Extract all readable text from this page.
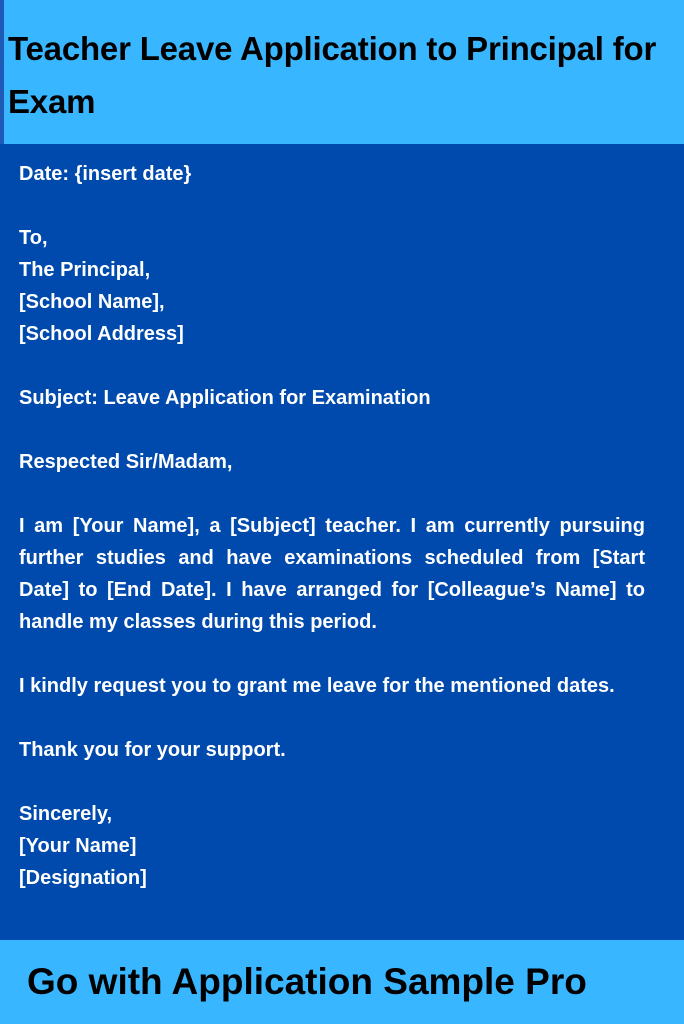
Teacher Leave Application to Principal for Exam
Date: {insert date}
To,
The Principal,
[School Name],
[School Address]
Subject: Leave Application for Examination
Respected Sir/Madam,

I am [Your Name], a [Subject] teacher. I am currently pursuing further studies and have examinations scheduled from [Start Date] to [End Date]. I have arranged for [Colleague’s Name] to handle my classes during this period.

I kindly request you to grant me leave for the mentioned dates.

Thank you for your support.
Sincerely,
[Your Name]
[Designation]

Go with Application Sample Pro
